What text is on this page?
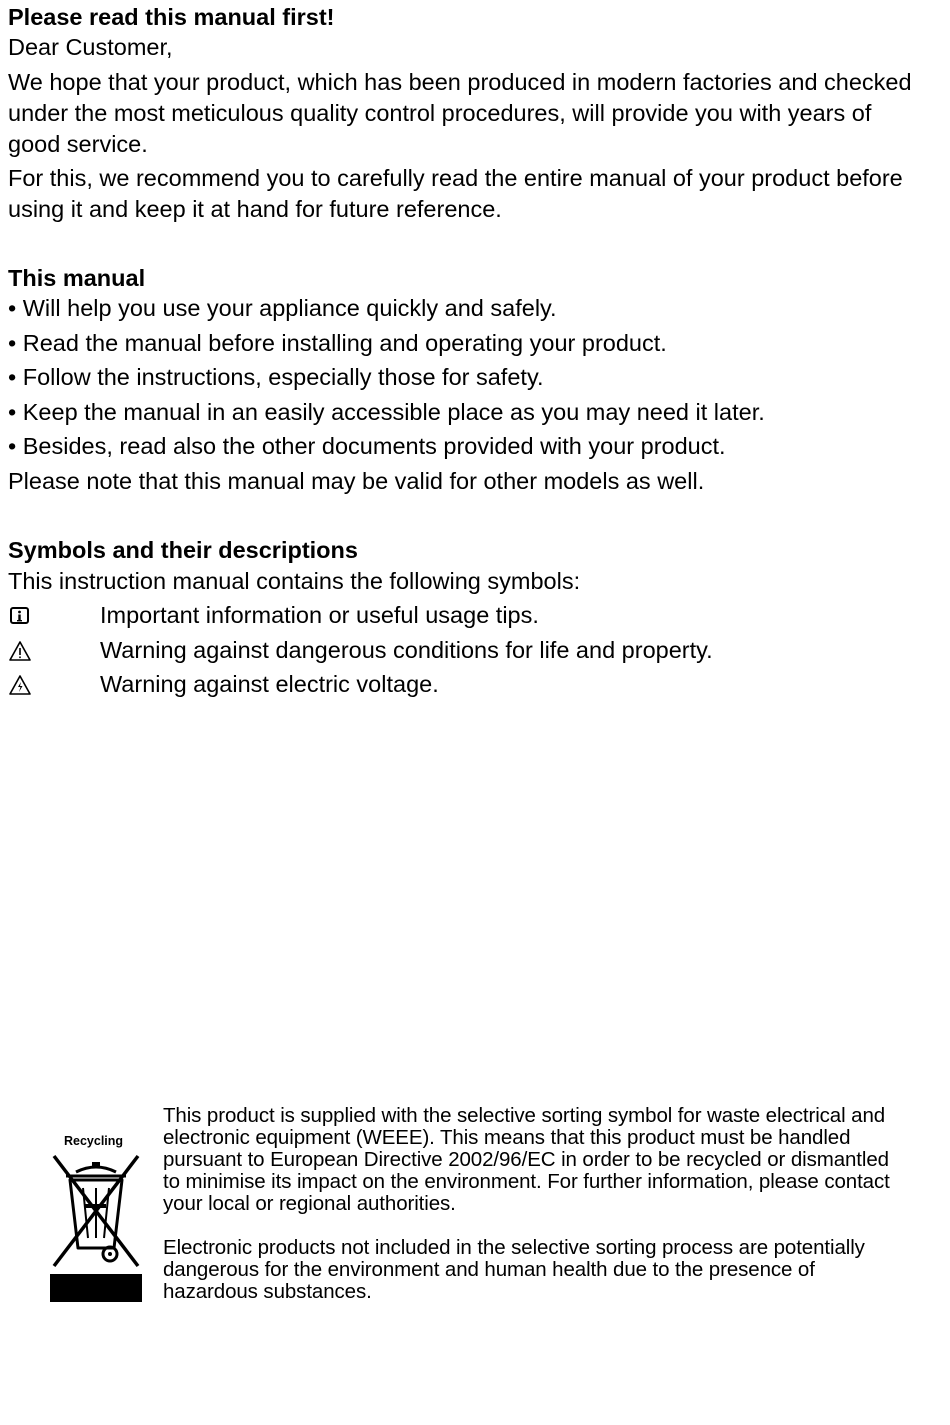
Please read this manual first!

Dear Customer,

We hope that your product, which has been produced in modern factories and checked under the most meticulous quality control procedures, will provide you with years of good service.

For this, we recommend you to carefully read the entire manual of your product before using it and keep it at hand for future reference.

This manual

• Will help you use your appliance quickly and safely.
• Read the manual before installing and operating your product.
• Follow the instructions, especially those for safety.
• Keep the manual in an easily accessible place as you may need it later.
• Besides, read also the other documents provided with your product.

Please note that this manual may be valid for other models as well.

Symbols and their descriptions

This instruction manual contains the following symbols:

Important information or useful usage tips.
Warning against dangerous conditions for life and property.
Warning against electric voltage.
Recycling

This product is supplied with the selective sorting symbol for waste electrical and electronic equipment (WEEE). This means that this product must be handled pursuant to European Directive 2002/96/EC in order to be recycled or dismantled to minimise its impact on the environment. For further information, please contact your local or regional authorities.

Electronic products not included in the selective sorting process are potentially dangerous for the environment and human health due to the presence of hazardous substances.
